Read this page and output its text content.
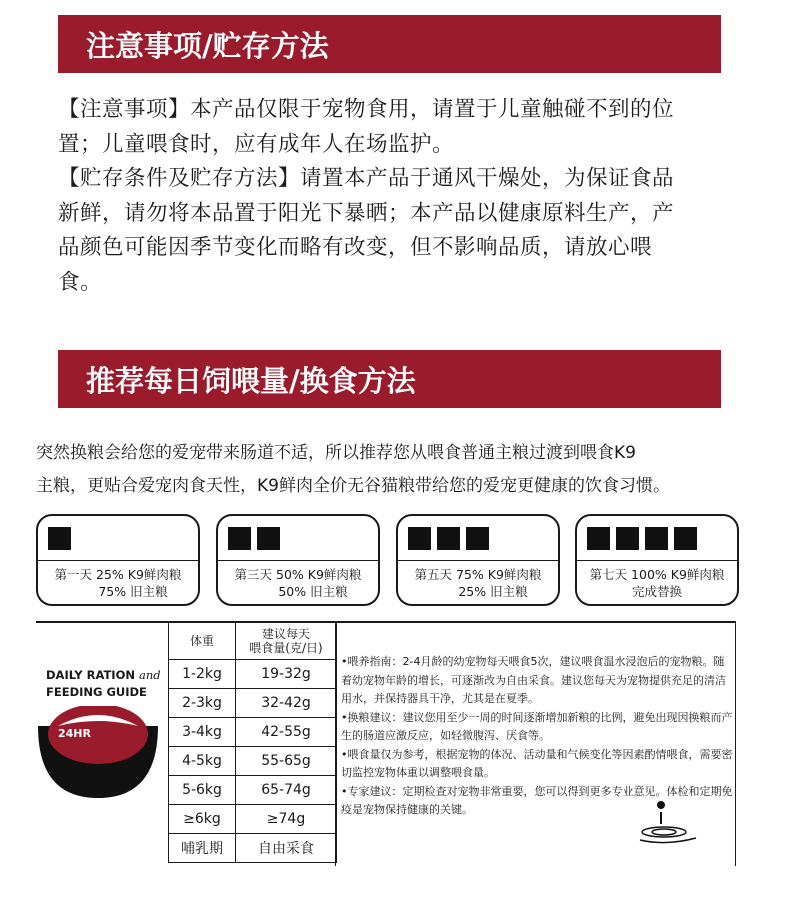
注意事项/贮存方法

【注意事项】本产品仅限于宠物食用，请置于儿童触碰不到的位

置；儿童喂食时，应有成年人在场监护。

【贮存条件及贮存方法】请置本产品于通风干燥处，为保证食品

新鲜，请勿将本品置于阳光下暴晒；本产品以健康原料生产，产

品颜色可能因季节变化而略有改变，但不影响品质，请放心喂

食。

推荐每日饲喂量/换食方法

突然换粮会给您的爱宠带来肠道不适，所以推荐您从喂食普通主粮过渡到喂食K9

主粮，更贴合爱宠肉食天性，K9鲜肉全价无谷猫粮带给您的爱宠更健康的饮食习惯。

第一天 25% K9鲜肉粮
75% 旧主粮
第三天 50% K9鲜肉粮
50% 旧主粮
第五天 75% K9鲜肉粮
25% 旧主粮
第七天 100% K9鲜肉粮
完成替换
DAILY RATION and
FEEDING GUIDE
24HR
体重	建议每天
喂食量(克/日)
1-2kg	19-32g
2-3kg	32-42g
3-4kg	42-55g
4-5kg	55-65g
5-6kg	65-74g
≥6kg	≥74g
哺乳期	自由采食

•喂养指南：2-4月龄的幼宠物每天喂食5次，建议喂食温水浸泡后的宠物粮。随着幼宠物年龄的增长，可逐渐改为自由采食。建议您每天为宠物提供充足的清洁用水，并保持器具干净，尤其是在夏季。

•换粮建议：建议您用至少一周的时间逐渐增加新粮的比例，避免出现因换粮而产生的肠道应激反应，如轻微腹泻、厌食等。

•喂食量仅为参考，根据宠物的体况、活动量和气候变化等因素酌情喂食，需要密切监控宠物体重以调整喂食量。

•专家建议：定期检查对宠物非常重要，您可以得到更多专业意见。体检和定期免疫是宠物保持健康的关键。
